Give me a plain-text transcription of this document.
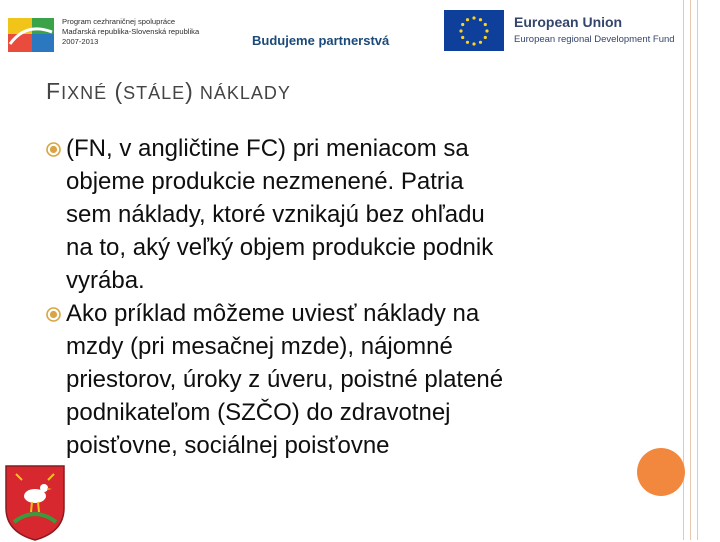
Program cezhraničnej spolupráce
Maďarská republika-Slovenská republika
2007-2013	Budujeme partnerstvá
European Union
European regional Development Fund
FIXNÉ (STÁLE) NÁKLADY
(FN, v angličtine FC) pri meniacom sa
objeme produkcie nezmenené. Patria
sem náklady, ktoré vznikajú bez ohľadu
na to, aký veľký objem produkcie podnik
vyrába.
Ako príklad môžeme uviesť náklady na
mzdy (pri mesačnej mzde), nájomné
priestorov, úroky z úveru, poistné platené
podnikateľom (SZČO) do zdravotnej
poisťovne, sociálnej poisťovne
